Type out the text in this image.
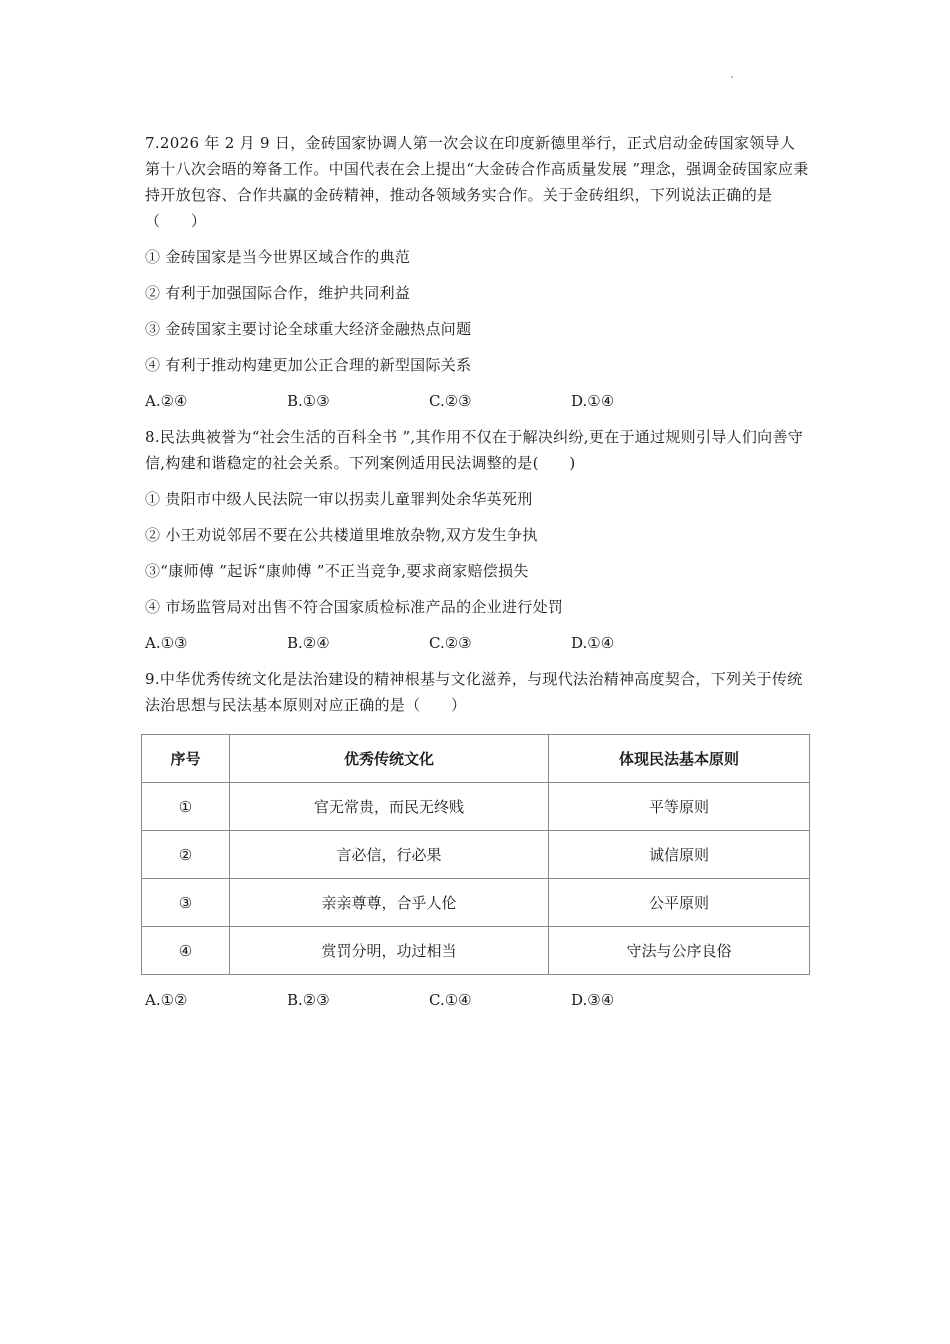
7.2026 年 2 月 9 日，金砖国家协调人第一次会议在印度新德里举行，正式启动金砖国家领导人第十八次会晤的筹备工作。中国代表在会上提出“大金砖合作高质量发展 ”理念，强调金砖国家应秉持开放包容、合作共赢的金砖精神，推动各领域务实合作。关于金砖组织，下列说法正确的是（　　）

① 金砖国家是当今世界区域合作的典范

② 有利于加强国际合作，维护共同利益

③ 金砖国家主要讨论全球重大经济金融热点问题

④ 有利于推动构建更加公正合理的新型国际关系

A.②④	B.①③	C.②③	D.①④

8.民法典被誉为“社会生活的百科全书 ”,其作用不仅在于解决纠纷,更在于通过规则引导人们向善守信,构建和谐稳定的社会关系。下列案例适用民法调整的是(　　)

① 贵阳市中级人民法院一审以拐卖儿童罪判处余华英死刑

② 小王劝说邻居不要在公共楼道里堆放杂物,双方发生争执

③“康师傅 ”起诉“康帅傅 ”不正当竞争,要求商家赔偿损失

④ 市场监管局对出售不符合国家质检标准产品的企业进行处罚

A.①③	B.②④	C.②③	D.①④

9.中华优秀传统文化是法治建设的精神根基与文化滋养，与现代法治精神高度契合，下列关于传统法治思想与民法基本原则对应正确的是（　　）

序号	优秀传统文化	体现民法基本原则
①	官无常贵，而民无终贱	平等原则
②	言必信，行必果	诚信原则
③	亲亲尊尊，合乎人伦	公平原则
④	赏罚分明，功过相当	守法与公序良俗
A.①②	B.②③	C.①④	D.③④
